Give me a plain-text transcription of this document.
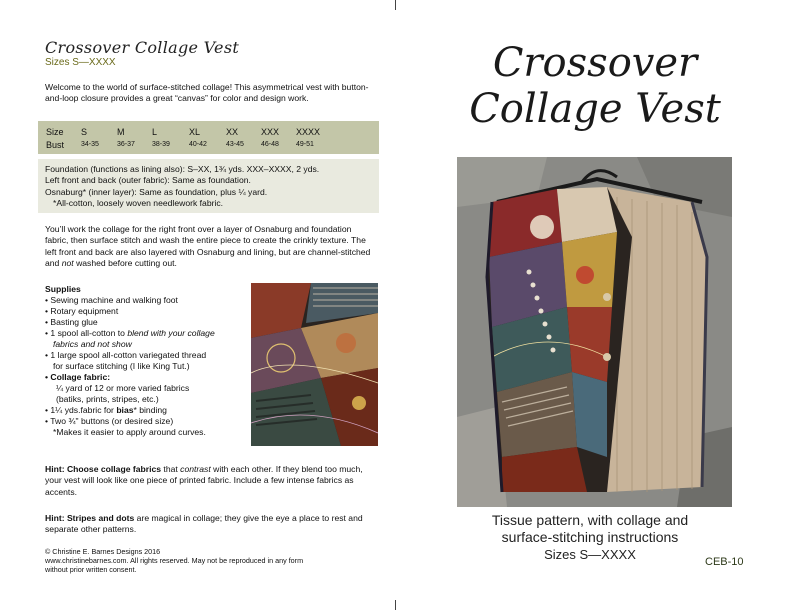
Crossover Collage Vest
Sizes S—XXXX

Welcome to the world of surface-stitched collage! This asymmetrical vest with button-and-loop closure provides a great “canvas” for color and design work.

Size S	M	L	XL	XX	XXX XXXX
Bust 34-35	36-37 38-39	40-42	43-45 46-48 49-51
Foundation (functions as lining also): S–XX, 1¾ yds. XXX–XXXX, 2 yds.
Left front and back (outer fabric): Same as foundation.
Osnaburg* (inner layer): Same as foundation, plus ¼ yard.
*All-cotton, loosely woven needlework fabric.

You’ll work the collage for the right front over a layer of Osnaburg and foundation fabric, then surface stitch and wash the entire piece to create the crinkly texture. The left front and back are also layered with Osnaburg and lining, but are channel-stitched and not washed before cutting out.

Supplies
• Sewing machine and walking foot
• Rotary equipment
• Basting glue
• 1 spool all-cotton to blend with your collage
fabrics and not show
• 1 large spool all-cotton variegated thread
for surface stitching (I like King Tut.)
• Collage fabric:
¼ yard of 12 or more varied fabrics
(batiks, prints, stripes, etc.)
• 1¼ yds.fabric for bias* binding
• Two ¾" buttons (or desired size)
*Makes it easier to apply around curves.

Hint: Choose collage fabrics that contrast with each other. If they blend too much, your vest will look like one piece of printed fabric. Include a few intense fabrics as accents.

Hint: Stripes and dots are magical in collage; they give the eye a place to rest and separate other patterns.

© Christine E. Barnes Designs 2016
www.christinebarnes.com. All rights reserved. May not be reproduced in any form
without prior written consent.
Crossover
Collage Vest
Tissue pattern, with collage and
surface-stitching instructions
Sizes S—XXXX	CEB-10
